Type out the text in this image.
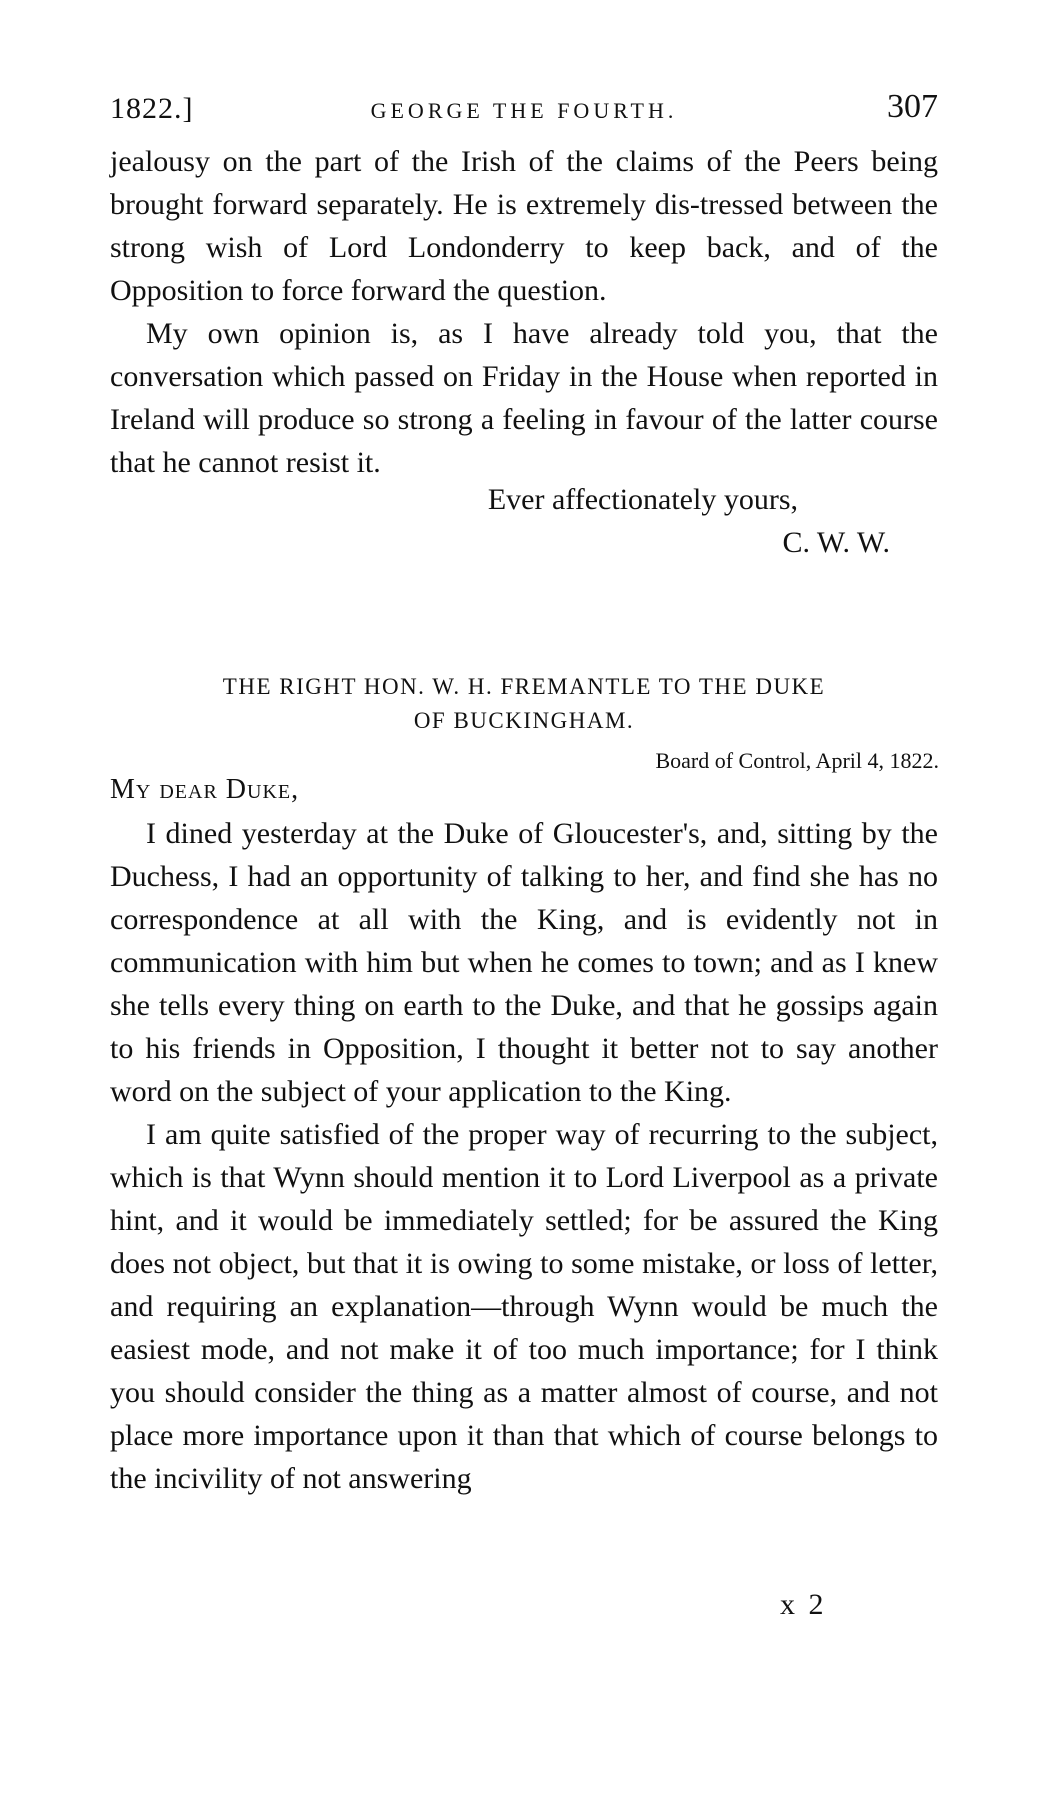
1822.]	GEORGE THE FOURTH.	307

jealousy on the part of the Irish of the claims of the Peers being brought forward separately. He is extremely dis-tressed between the strong wish of Lord Londonderry to keep back, and of the Opposition to force forward the question.

My own opinion is, as I have already told you, that the conversation which passed on Friday in the House when reported in Ireland will produce so strong a feeling in favour of the latter course that he cannot resist it.

Ever affectionately yours,
C. W. W.
THE RIGHT HON. W. H. FREMANTLE TO THE DUKE
OF BUCKINGHAM.
Board of Control, April 4, 1822.
My dear Duke,

I dined yesterday at the Duke of Gloucester's, and, sitting by the Duchess, I had an opportunity of talking to her, and find she has no correspondence at all with the King, and is evidently not in communication with him but when he comes to town; and as I knew she tells every thing on earth to the Duke, and that he gossips again to his friends in Opposition, I thought it better not to say another word on the subject of your application to the King.

I am quite satisfied of the proper way of recurring to the subject, which is that Wynn should mention it to Lord Liverpool as a private hint, and it would be immediately settled; for be assured the King does not object, but that it is owing to some mistake, or loss of letter, and requiring an explanation—through Wynn would be much the easiest mode, and not make it of too much importance; for I think you should consider the thing as a matter almost of course, and not place more importance upon it than that which of course belongs to the incivility of not answering

x 2
